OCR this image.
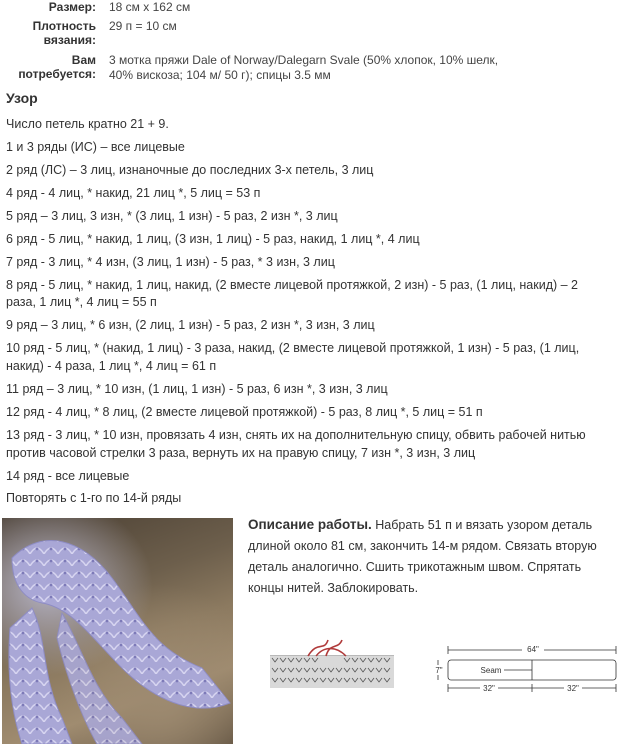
Размер: 18 см х 162 см
Плотность
вязания:
29 п = 10 см
Вам
потребуется:
3 мотка пряжи Dale of Norway/Dalegarn Svale (50% хлопок, 10% шелк,
40% вискоза; 104 м/ 50 г); спицы 3.5 мм
Узор
Число петель кратно 21 + 9.
1 и 3 ряды (ИС) – все лицевые
2 ряд (ЛС) – 3 лиц, изнаночные до последних 3-х петель, 3 лиц
4 ряд - 4 лиц, * накид, 21 лиц *, 5 лиц = 53 п
5 ряд – 3 лиц, 3 изн, * (3 лиц, 1 изн) - 5 раз, 2 изн *, 3 лиц
6 ряд - 5 лиц, * накид, 1 лиц, (3 изн, 1 лиц) - 5 раз, накид, 1 лиц *, 4 лиц
7 ряд - 3 лиц, * 4 изн, (3 лиц, 1 изн) - 5 раз, * 3 изн, 3 лиц
8 ряд - 5 лиц, * накид, 1 лиц, накид, (2 вместе лицевой протяжкой, 2 изн) - 5 раз, (1 лиц, накид) – 2
раза, 1 лиц *, 4 лиц = 55 п
9 ряд – 3 лиц, * 6 изн, (2 лиц, 1 изн) - 5 раз, 2 изн *, 3 изн, 3 лиц
10 ряд - 5 лиц, * (накид, 1 лиц) - 3 раза, накид, (2 вместе лицевой протяжкой, 1 изн) - 5 раз, (1 лиц,
накид) - 4 раза, 1 лиц *, 4 лиц = 61 п
11 ряд – 3 лиц, * 10 изн, (1 лиц, 1 изн) - 5 раз, 6 изн *, 3 изн, 3 лиц
12 ряд - 4 лиц, * 8 лиц, (2 вместе лицевой протяжкой) - 5 раз, 8 лиц *, 5 лиц = 51 п
13 ряд - 3 лиц, * 10 изн, провязать 4 изн, снять их на дополнительную спицу, обвить рабочей нитью
против часовой стрелки 3 раза, вернуть их на правую спицу, 7 изн *, 3 изн, 3 лиц
14 ряд - все лицевые
Повторять с 1-го по 14-й ряды
Описание работы. Набрать 51 п и вязать узором деталь
длиной около 81 см, закончить 14-м рядом. Связать вторую
деталь аналогично. Сшить трикотажным швом. Спрятать
концы нитей. Заблокировать.
64"
7"	Seam
32"	32"
